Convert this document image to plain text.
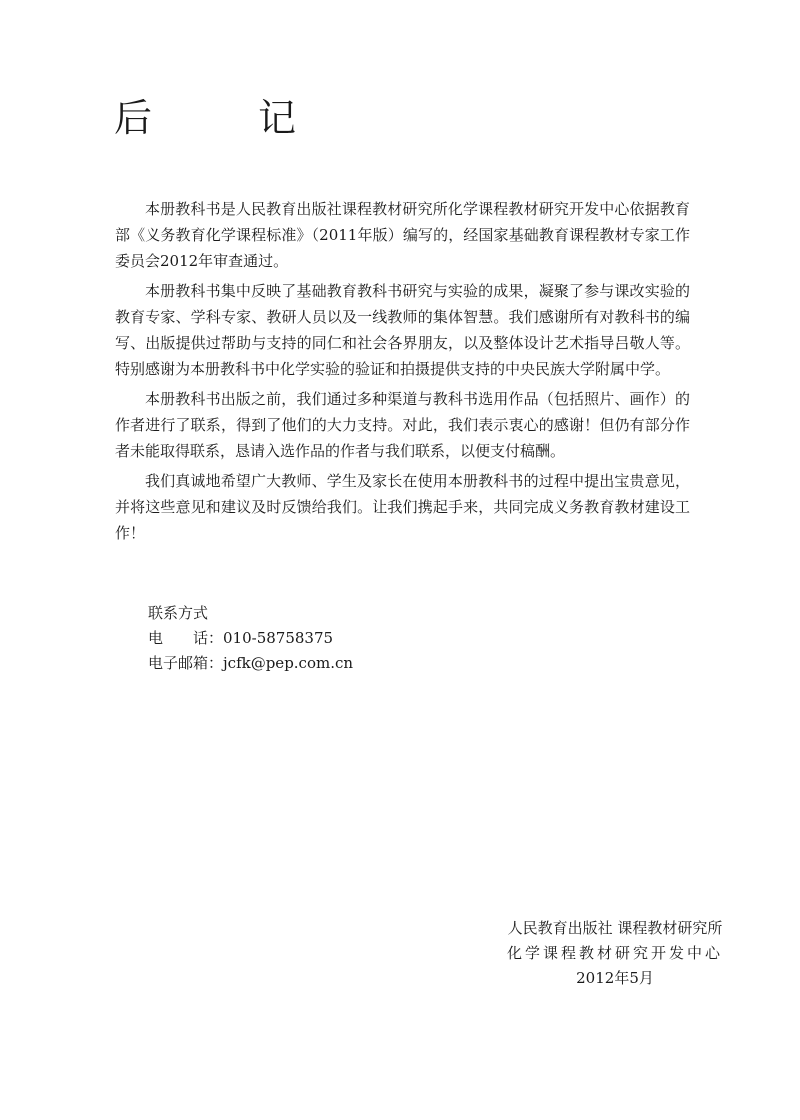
后　记

本册教科书是人民教育出版社课程教材研究所化学课程教材研究开发中心依据教育部《义务教育化学课程标准》（2011年版）编写的，经国家基础教育课程教材专家工作委员会2012年审查通过。

本册教科书集中反映了基础教育教科书研究与实验的成果，凝聚了参与课改实验的教育专家、学科专家、教研人员以及一线教师的集体智慧。我们感谢所有对教科书的编写、出版提供过帮助与支持的同仁和社会各界朋友，以及整体设计艺术指导吕敬人等。特别感谢为本册教科书中化学实验的验证和拍摄提供支持的中央民族大学附属中学。

本册教科书出版之前，我们通过多种渠道与教科书选用作品（包括照片、画作）的作者进行了联系，得到了他们的大力支持。对此，我们表示衷心的感谢！但仍有部分作者未能取得联系，恳请入选作品的作者与我们联系，以便支付稿酬。

我们真诚地希望广大教师、学生及家长在使用本册教科书的过程中提出宝贵意见，并将这些意见和建议及时反馈给我们。让我们携起手来，共同完成义务教育教材建设工作！

联系方式
电　　话：010-58758375
电子邮箱：jcfk@pep.com.cn
人民教育出版社 课程教材研究所
化学课程教材研究开发中心
2012年5月
